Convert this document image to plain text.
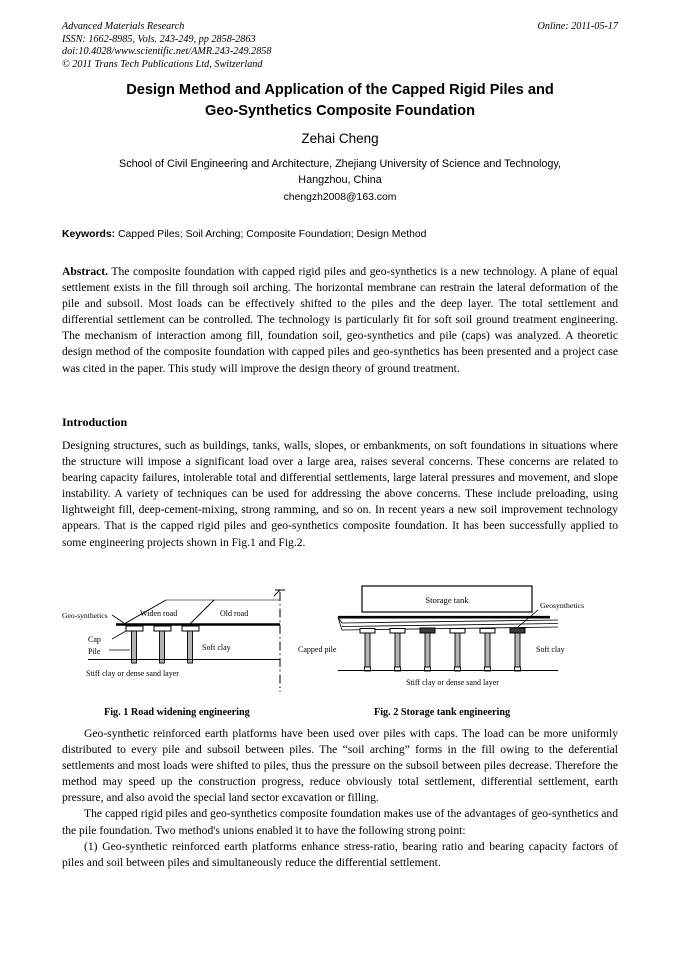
Advanced Materials Research	Online: 2011-05-17
ISSN: 1662-8985, Vols. 243-249, pp 2858-2863
doi:10.4028/www.scientific.net/AMR.243-249.2858
© 2011 Trans Tech Publications Ltd, Switzerland
Design Method and Application of the Capped Rigid Piles and
Geo-Synthetics Composite Foundation
Zehai Cheng
School of Civil Engineering and Architecture, Zhejiang University of Science and Technology,
Hangzhou, China
chengzh2008@163.com
Keywords: Capped Piles; Soil Arching; Composite Foundation; Design Method
Abstract. The composite foundation with capped rigid piles and geo-synthetics is a new technology. A plane of equal settlement exists in the fill through soil arching. The horizontal membrane can restrain the lateral deformation of the pile and subsoil. Most loads can be effectively shifted to the piles and the deep layer. The total settlement and differential settlement can be controlled. The technology is particularly fit for soft soil ground treatment engineering. The mechanism of interaction among fill, foundation soil, geo-synthetics and pile (caps) was analyzed. A theoretic design method of the composite foundation with capped piles and geo-synthetics has been presented and a project case was cited in the paper. This study will improve the design theory of ground treatment.
Introduction
Designing structures, such as buildings, tanks, walls, slopes, or embankments, on soft foundations in situations where the structure will impose a significant load over a large area, raises several concerns. These concerns are related to bearing capacity failures, intolerable total and differential settlements, large lateral pressures and movement, and slope instability. A variety of techniques can be used for addressing the above concerns. These include preloading, using lightweight fill, deep-cement-mixing, strong ramming, and so on. In recent years a new soil improvement technology appears. That is the capped rigid piles and geo-synthetics composite foundation. It has been successfully applied to some engineering projects shown in Fig.1 and Fig.2.
Geo-synthetics	Widen road	Old road
Cap
Pile	Soft clay
Stiff clay or dense sand layer
Storage tank
Geosynthetics
Capped pile	Soft clay
Stiff clay or dense sand layer
Fig. 1 Road widening engineering	Fig. 2 Storage tank engineering

Geo-synthetic reinforced earth platforms have been used over piles with caps. The load can be more uniformly distributed to every pile and subsoil between piles. The “soil arching” forms in the fill owing to the deferential settlements and most loads were shifted to piles, thus the pressure on the subsoil between piles decrease. Therefore the method may speed up the construction progress, reduce obviously total settlement, differential settlement, earth pressure, and also avoid the special land sector excavation or filling.

The capped rigid piles and geo-synthetics composite foundation makes use of the advantages of geo-synthetics and the pile foundation. Two method's unions enabled it to have the following strong point:

(1) Geo-synthetic reinforced earth platforms enhance stress-ratio, bearing ratio and bearing capacity factors of piles and soil between piles and simultaneously reduce the differential settlement.
